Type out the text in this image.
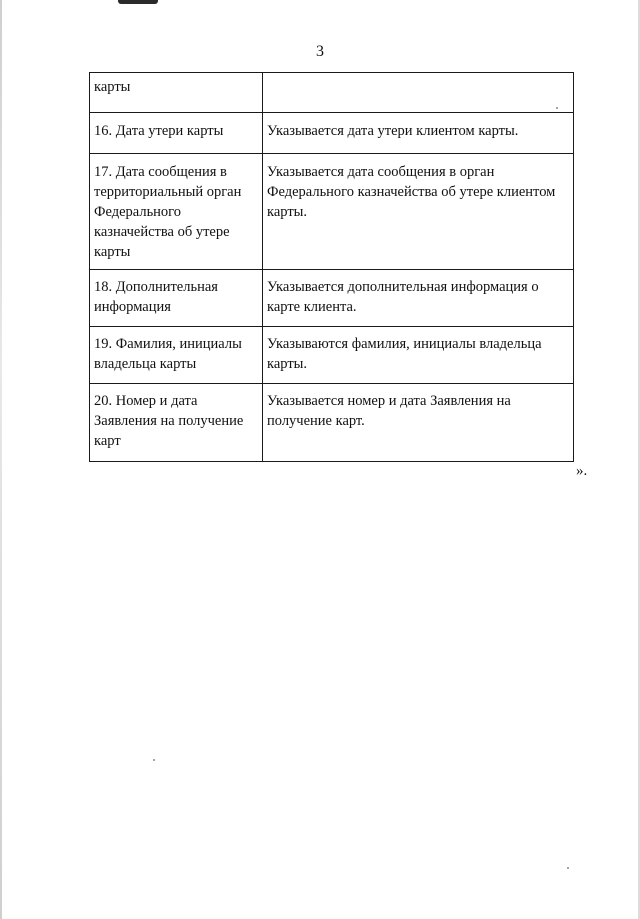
3
карты	
16. Дата утери карты	Указывается дата утери клиентом карты.
17. Дата сообщения в территориальный орган Федерального казначейства об утере карты	Указывается дата сообщения в орган Федерального казначейства об утере клиентом карты.
18. Дополнительная информация	Указывается дополнительная информация о карте клиента.
19. Фамилия, инициалы владельца карты	Указываются фамилия, инициалы владельца карты.
20. Номер и дата Заявления на получение карт	Указывается номер и дата Заявления на получение карт.
».
